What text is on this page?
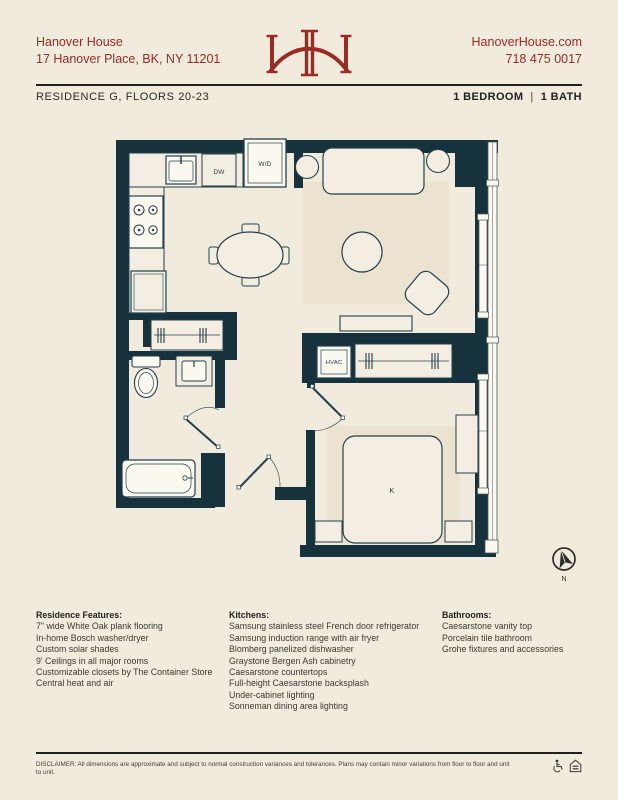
Hanover House
17 Hanover Place, BK, NY 11201
HanoverHouse.com
718 475 0017
RESIDENCE G, FLOORS 20-23	1 BEDROOM | 1 BATH
DW
W/D
HVAC
K
N
Residence Features:
7" wide White Oak plank flooring
In-home Bosch washer/dryer
Custom solar shades
9' Ceilings in all major rooms
Customizable closets by The Container Store
Central heat and air
Kitchens:
Samsung stainless steel French door refrigerator
Samsung induction range with air fryer
Blomberg panelized dishwasher
Graystone Bergen Ash cabinetry
Caesarstone countertops
Full-height Caesarstone backsplash
Under-cabinet lighting
Sonneman dining area lighting
Bathrooms:
Caesarstone vanity top
Porcelain tile bathroom
Grohe fixtures and accessories
DISCLAIMER: All dimensions are approximate and subject to normal construction variances and tolerances. Plans may contain minor variations from floor to floor and unit to unit.
